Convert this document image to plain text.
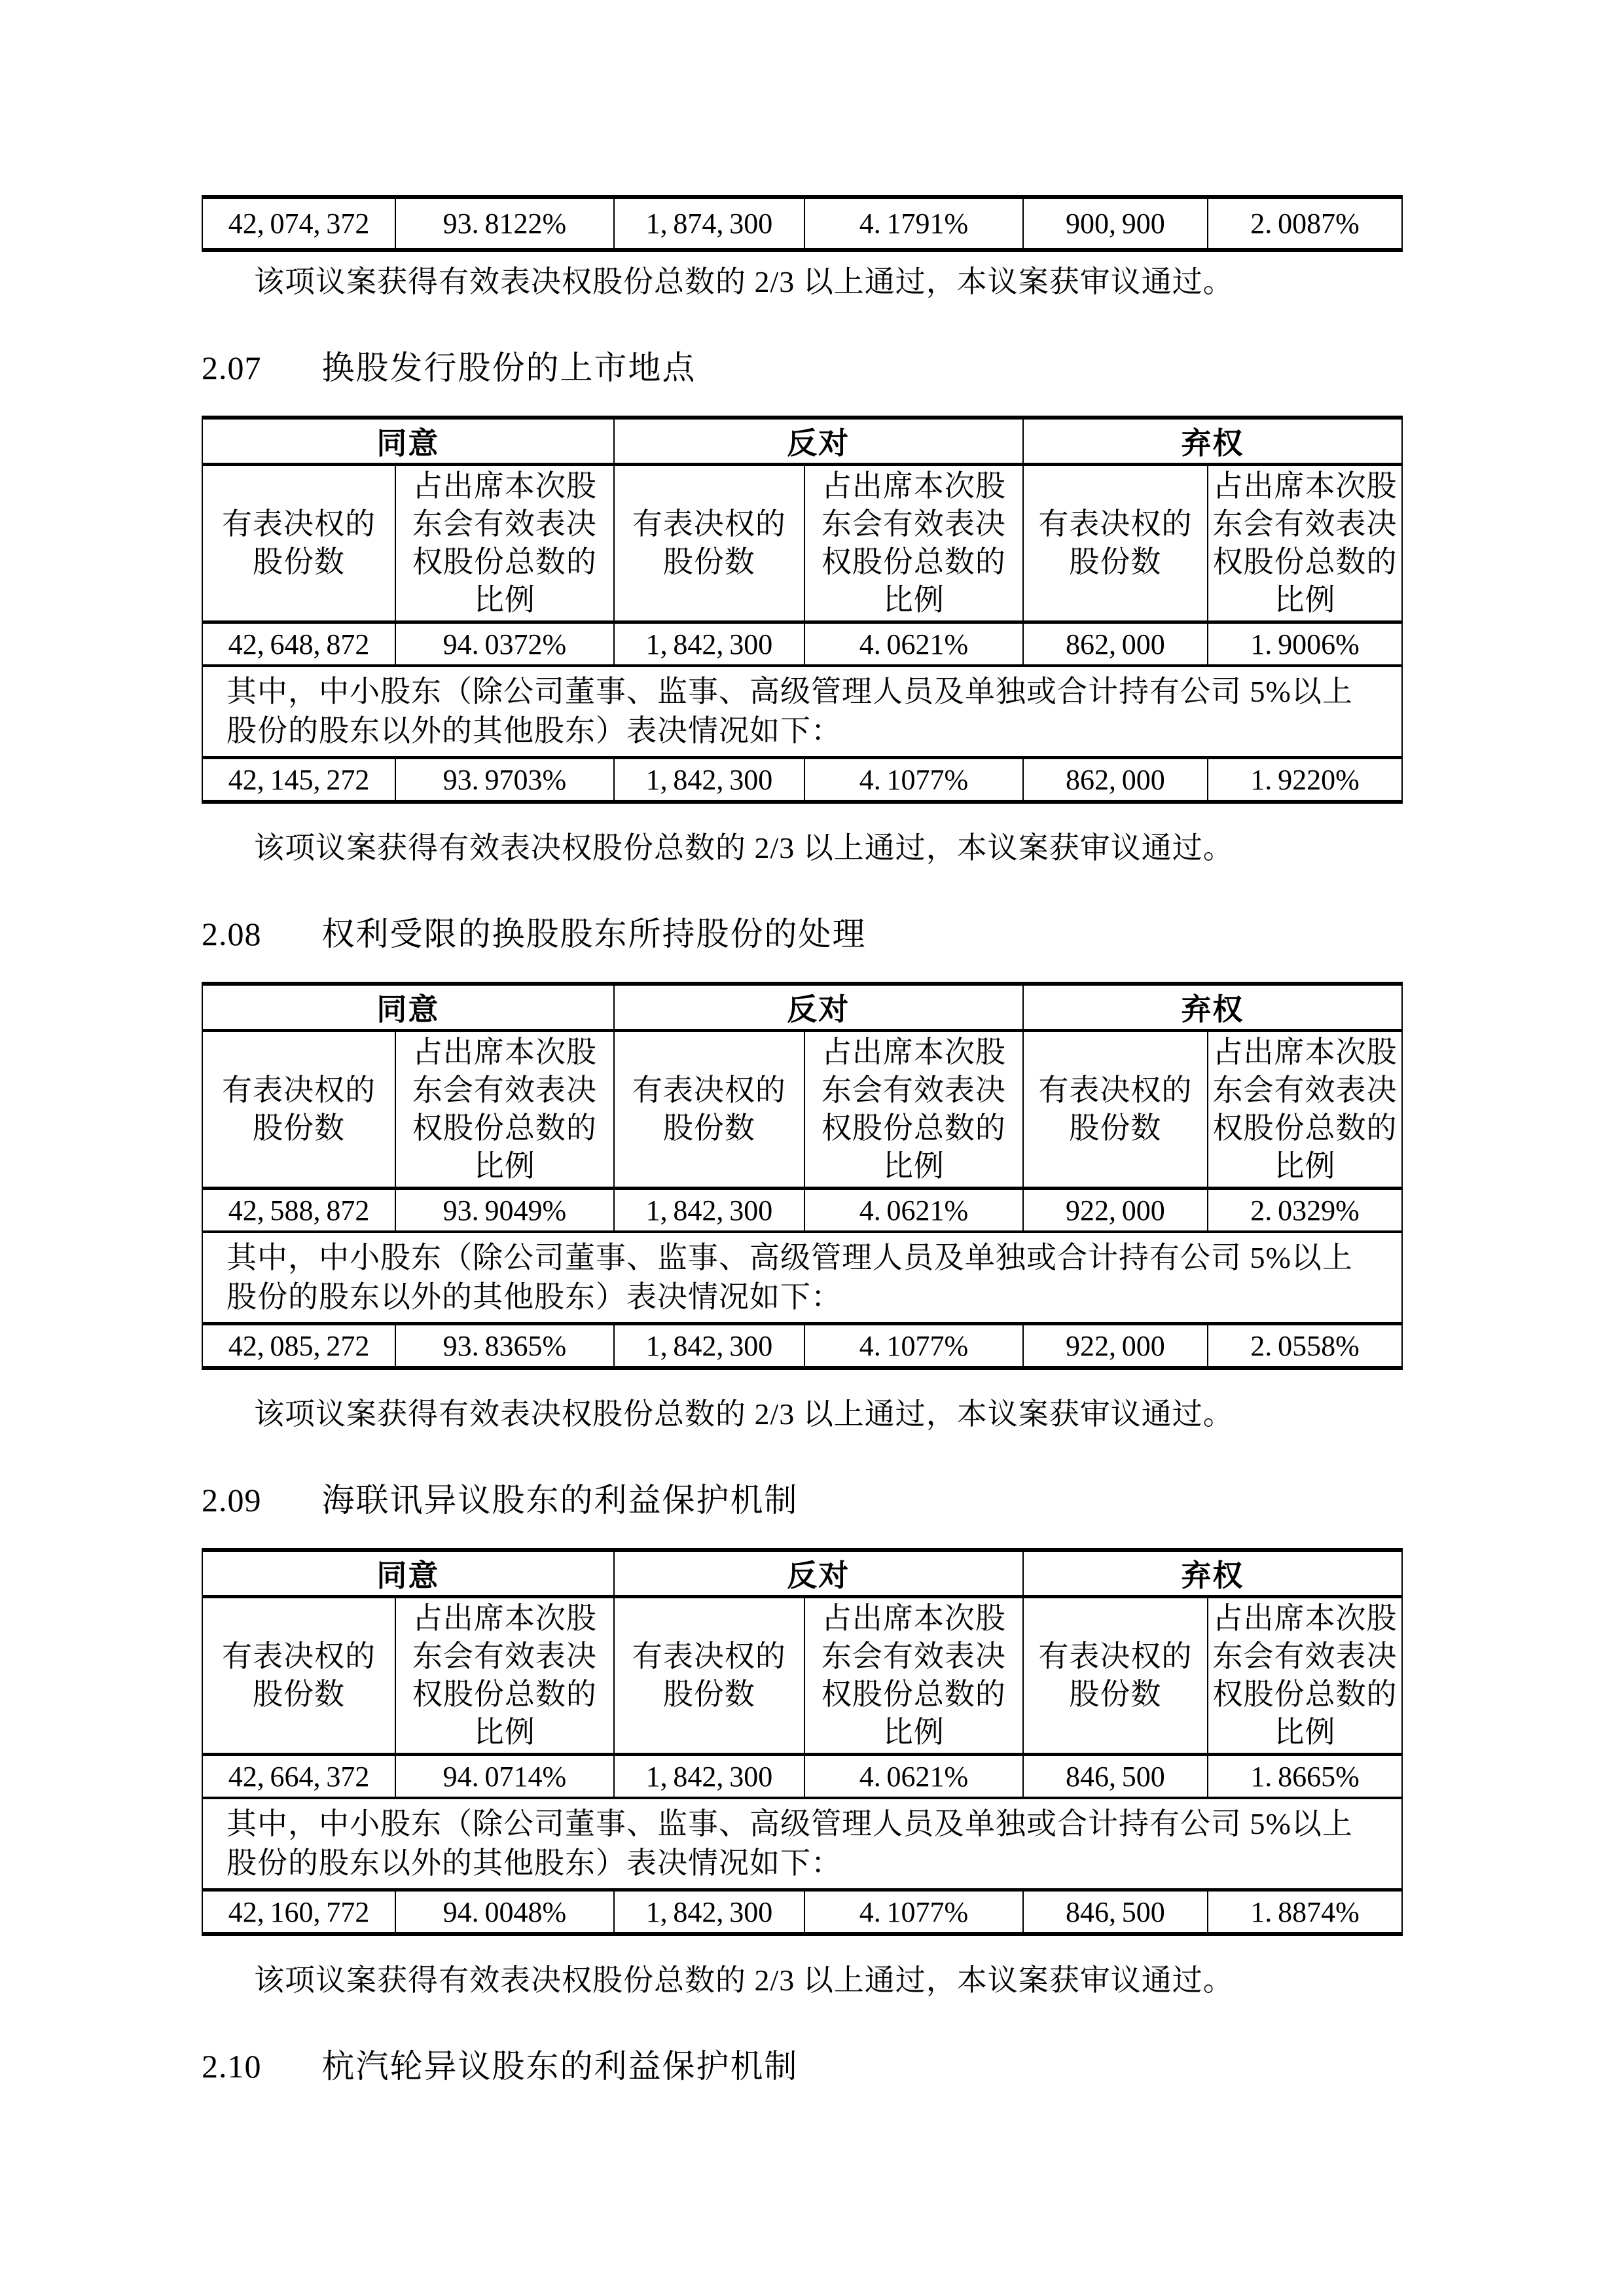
42, 074, 372	93. 8122%	1, 874, 300	4. 1791%	900, 900	2. 0087%

该项议案获得有效表决权股份总数的 2/3 以上通过，本议案获审议通过。

2.07 换股发行股份的上市地点
同意		反对		弃权	
有表决权的股份数	占出席本次股东会有效表决权股份总数的比例	有表决权的股份数	占出席本次股东会有效表决权股份总数的比例	有表决权的股份数	占出席本次股东会有效表决权股份总数的比例
42, 648, 872	94. 0372%	1, 842, 300	4. 0621%	862, 000	1. 9006%
其中，中小股东（除公司董事、监事、高级管理人员及单独或合计持有公司 5%以上股份的股东以外的其他股东）表决情况如下：					
42, 145, 272	93. 9703%	1, 842, 300	4. 1077%	862, 000	1. 9220%

该项议案获得有效表决权股份总数的 2/3 以上通过，本议案获审议通过。

2.08 权利受限的换股股东所持股份的处理
同意		反对		弃权	
有表决权的股份数	占出席本次股东会有效表决权股份总数的比例	有表决权的股份数	占出席本次股东会有效表决权股份总数的比例	有表决权的股份数	占出席本次股东会有效表决权股份总数的比例
42, 588, 872	93. 9049%	1, 842, 300	4. 0621%	922, 000	2. 0329%
其中，中小股东（除公司董事、监事、高级管理人员及单独或合计持有公司 5%以上股份的股东以外的其他股东）表决情况如下：					
42, 085, 272	93. 8365%	1, 842, 300	4. 1077%	922, 000	2. 0558%

该项议案获得有效表决权股份总数的 2/3 以上通过，本议案获审议通过。

2.09 海联讯异议股东的利益保护机制
同意		反对		弃权	
有表决权的股份数	占出席本次股东会有效表决权股份总数的比例	有表决权的股份数	占出席本次股东会有效表决权股份总数的比例	有表决权的股份数	占出席本次股东会有效表决权股份总数的比例
42, 664, 372	94. 0714%	1, 842, 300	4. 0621%	846, 500	1. 8665%
其中，中小股东（除公司董事、监事、高级管理人员及单独或合计持有公司 5%以上股份的股东以外的其他股东）表决情况如下：					
42, 160, 772	94. 0048%	1, 842, 300	4. 1077%	846, 500	1. 8874%

该项议案获得有效表决权股份总数的 2/3 以上通过，本议案获审议通过。

2.10 杭汽轮异议股东的利益保护机制
